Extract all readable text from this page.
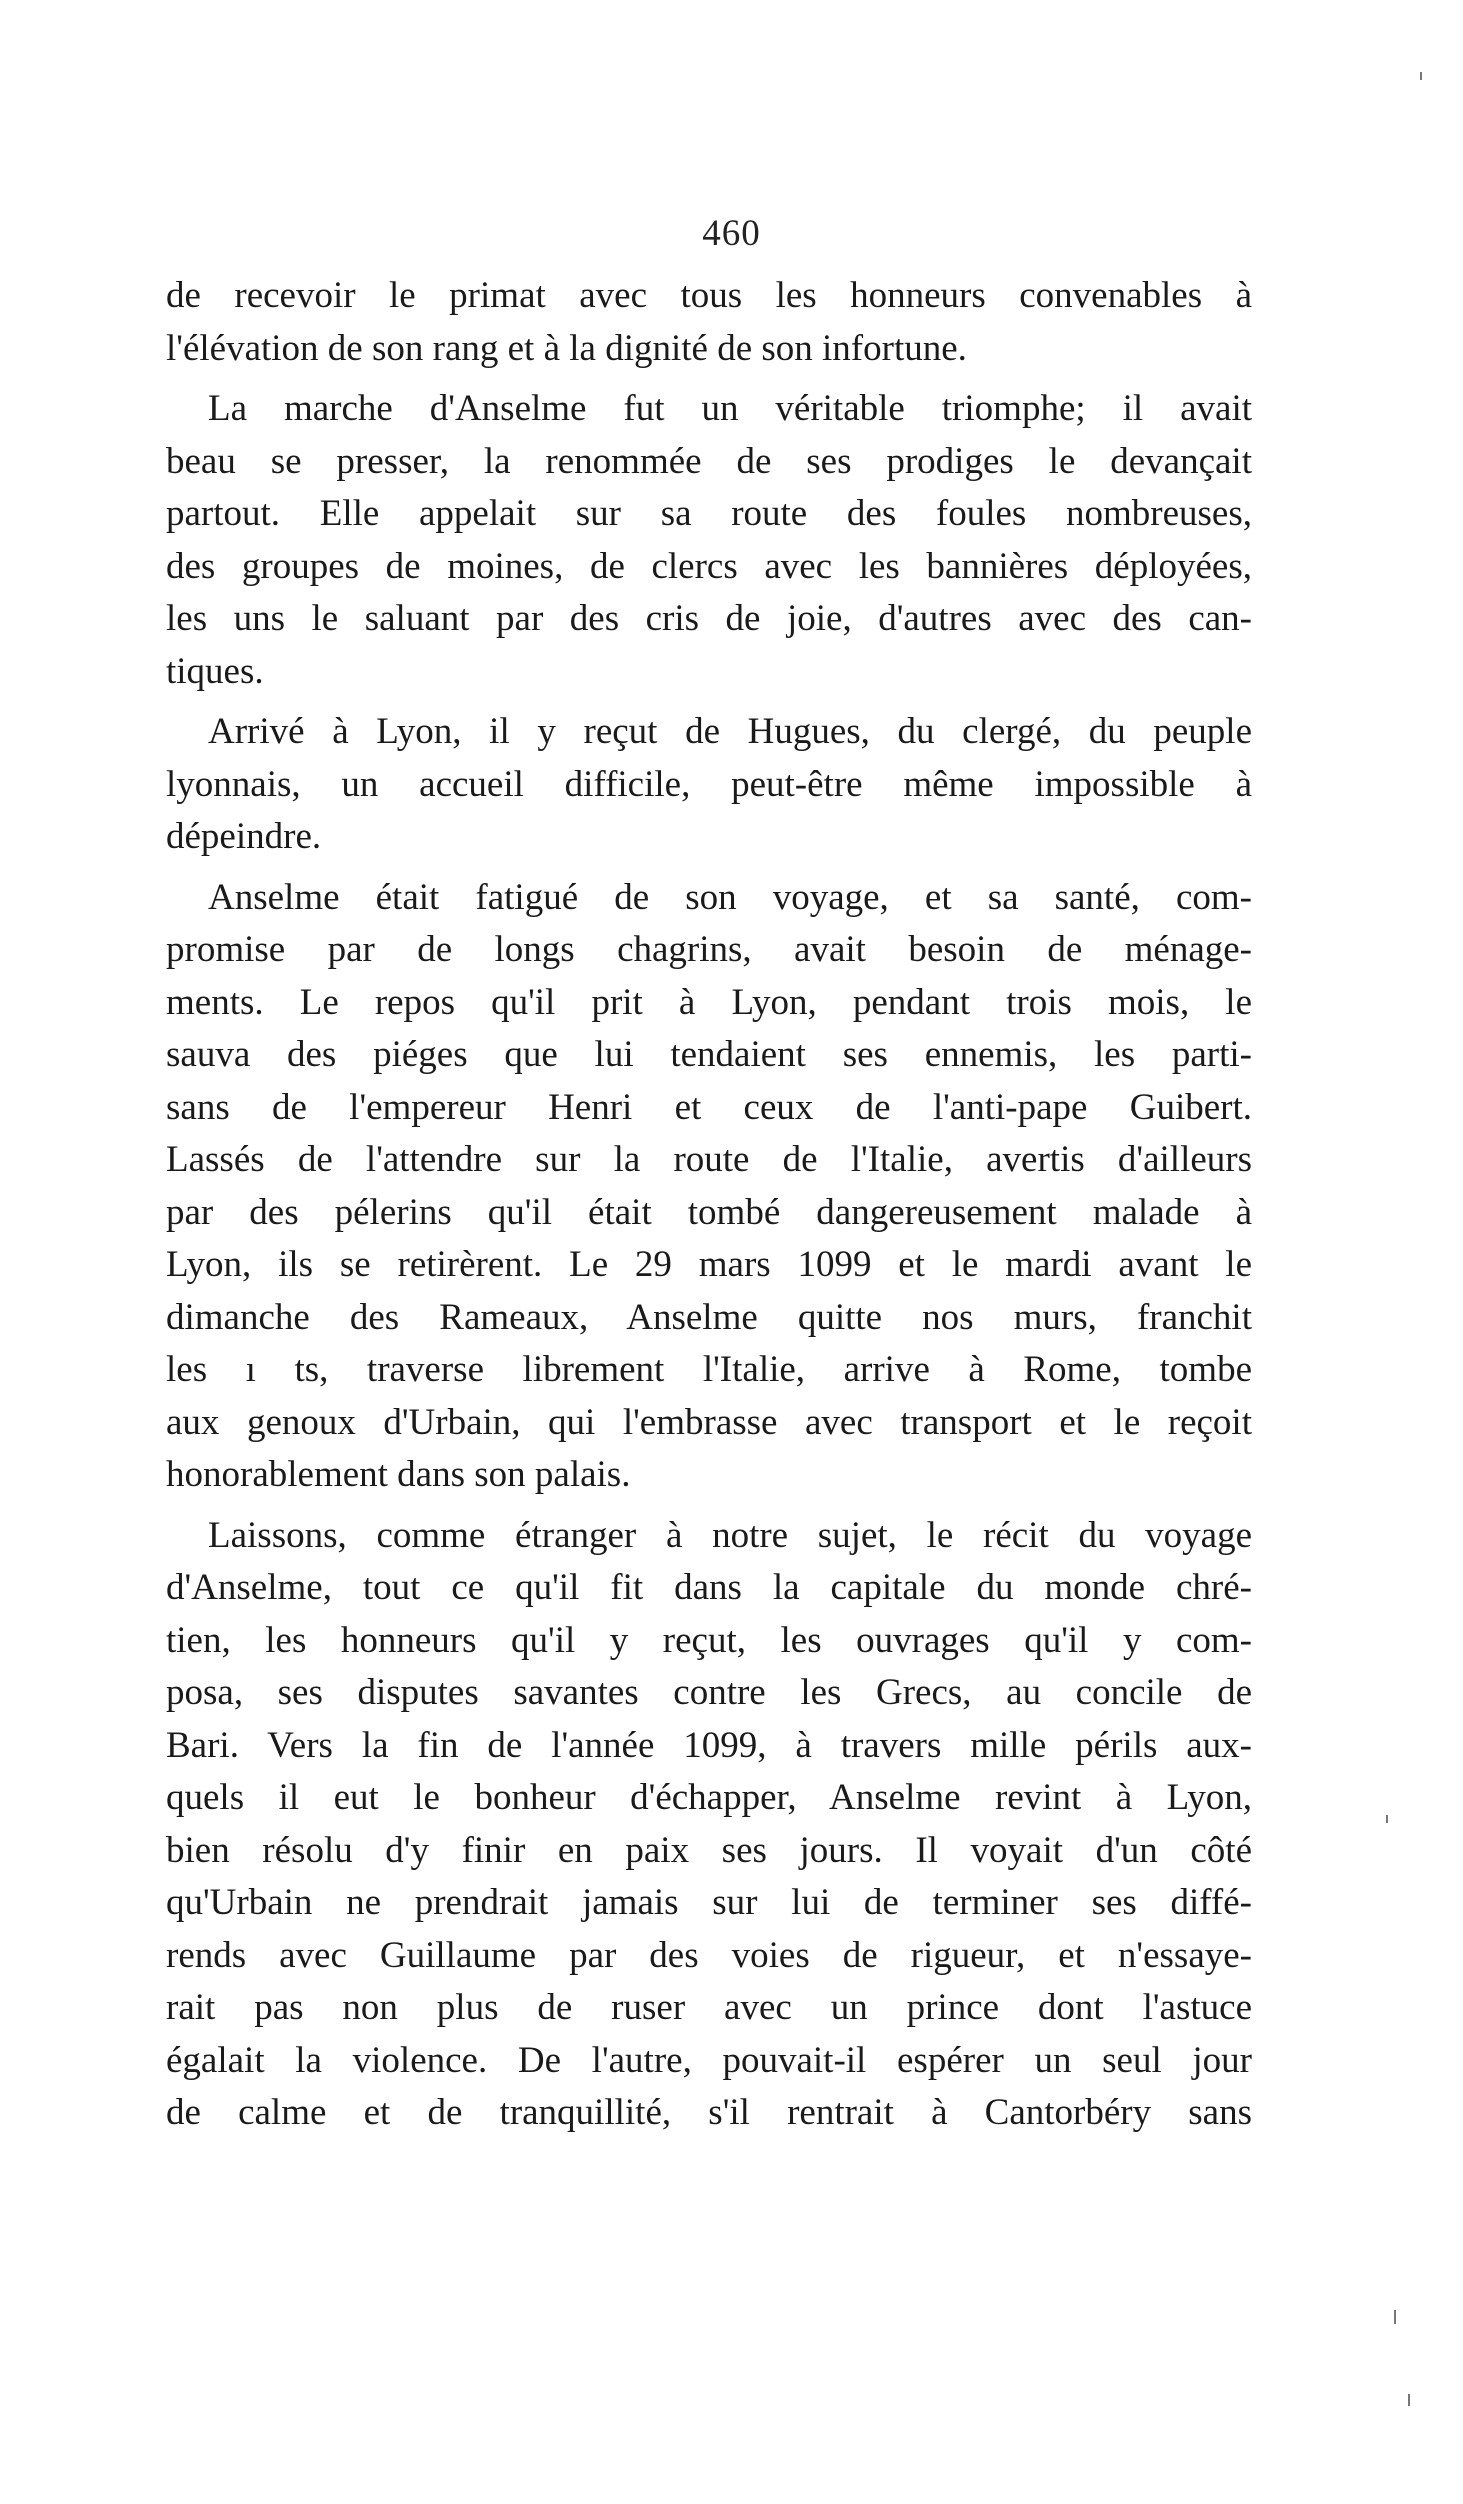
460
de recevoir le primat avec tous les honneurs convenables à
l'élévation de son rang et à la dignité de son infortune.
La marche d'Anselme fut un véritable triomphe; il avait
beau se presser, la renommée de ses prodiges le devançait
partout. Elle appelait sur sa route des foules nombreuses,
des groupes de moines, de clercs avec les bannières déployées,
les uns le saluant par des cris de joie, d'autres avec des can-
tiques.
Arrivé à Lyon, il y reçut de Hugues, du clergé, du peuple
lyonnais, un accueil difficile, peut-être même impossible à
dépeindre.
Anselme était fatigué de son voyage, et sa santé, com-
promise par de longs chagrins, avait besoin de ménage-
ments. Le repos qu'il prit à Lyon, pendant trois mois, le
sauva des piéges que lui tendaient ses ennemis, les parti-
sans de l'empereur Henri et ceux de l'anti-pape Guibert.
Lassés de l'attendre sur la route de l'Italie, avertis d'ailleurs
par des pélerins qu'il était tombé dangereusement malade à
Lyon, ils se retirèrent. Le 29 mars 1099 et le mardi avant le
dimanche des Rameaux, Anselme quitte nos murs, franchit
les ı ts, traverse librement l'Italie, arrive à Rome, tombe
aux genoux d'Urbain, qui l'embrasse avec transport et le reçoit
honorablement dans son palais.
Laissons, comme étranger à notre sujet, le récit du voyage
d'Anselme, tout ce qu'il fit dans la capitale du monde chré-
tien, les honneurs qu'il y reçut, les ouvrages qu'il y com-
posa, ses disputes savantes contre les Grecs, au concile de
Bari. Vers la fin de l'année 1099, à travers mille périls aux-
quels il eut le bonheur d'échapper, Anselme revint à Lyon,
bien résolu d'y finir en paix ses jours. Il voyait d'un côté
qu'Urbain ne prendrait jamais sur lui de terminer ses diffé-
rends avec Guillaume par des voies de rigueur, et n'essaye-
rait pas non plus de ruser avec un prince dont l'astuce
égalait la violence. De l'autre, pouvait-il espérer un seul jour
de calme et de tranquillité, s'il rentrait à Cantorbéry sans
